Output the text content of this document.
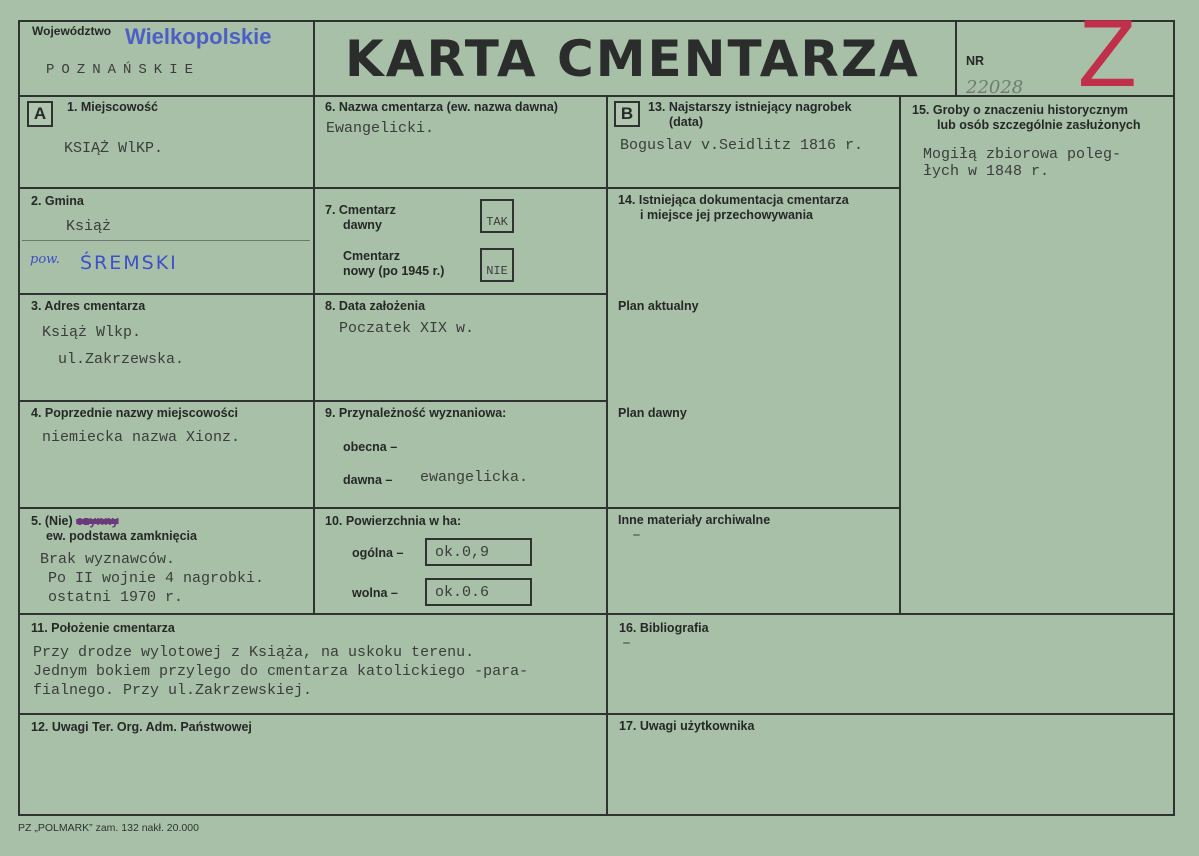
Województwo Wielkopolskie
POZNAŃSKIE	KARTA CMENTARZA	NR
22028 Z
A	1. Miejscowość
KSIĄŻ WlKP.
2. Gmina
Książ
pow. ŚREMSKI
3. Adres cmentarza
Książ Wlkp.
ul.Zakrzewska.
4. Poprzednie nazwy miejscowości
niemiecka nazwa Xionz.
5. (Nie) czynny
ew. podstawa zamknięcia
Brak wyznawców.
Po II wojnie 4 nagrobki.
ostatni 1970 r.
6. Nazwa cmentarza (ew. nazwa dawna)
Ewangelicki.
7. Cmentarz
dawny	TAK
Cmentarz
nowy (po 1945 r.)	NIE
8. Data założenia
Poczatek XIX w.
9. Przynależność wyznaniowa:
obecna –
dawna – ewangelicka.
10. Powierzchnia w ha:
ogólna –	ok.0,9
wolna –	ok.0.6
11. Położenie cmentarza
Przy drodze wylotowej z Książa, na uskoku terenu.
Jednym bokiem przylego do cmentarza katolickiego -para-
fialnego. Przy ul.Zakrzewskiej.
12. Uwagi Ter. Org. Adm. Państwowej
B	13. Najstarszy istniejący nagrobek
(data)
Boguslav v.Seidlitz 1816 r.
14. Istniejąca dokumentacja cmentarza
i miejsce jej przechowywania
Plan aktualny
Plan dawny
Inne materiały archiwalne
–
15. Groby o znaczeniu historycznym
lub osób szczególnie zasłużonych
Mogiłą zbiorowa poleg-
łych w 1848 r.
16. Bibliografia
–
17. Uwagi użytkownika
PZ „POLMARK” zam. 132 nakł. 20.000
